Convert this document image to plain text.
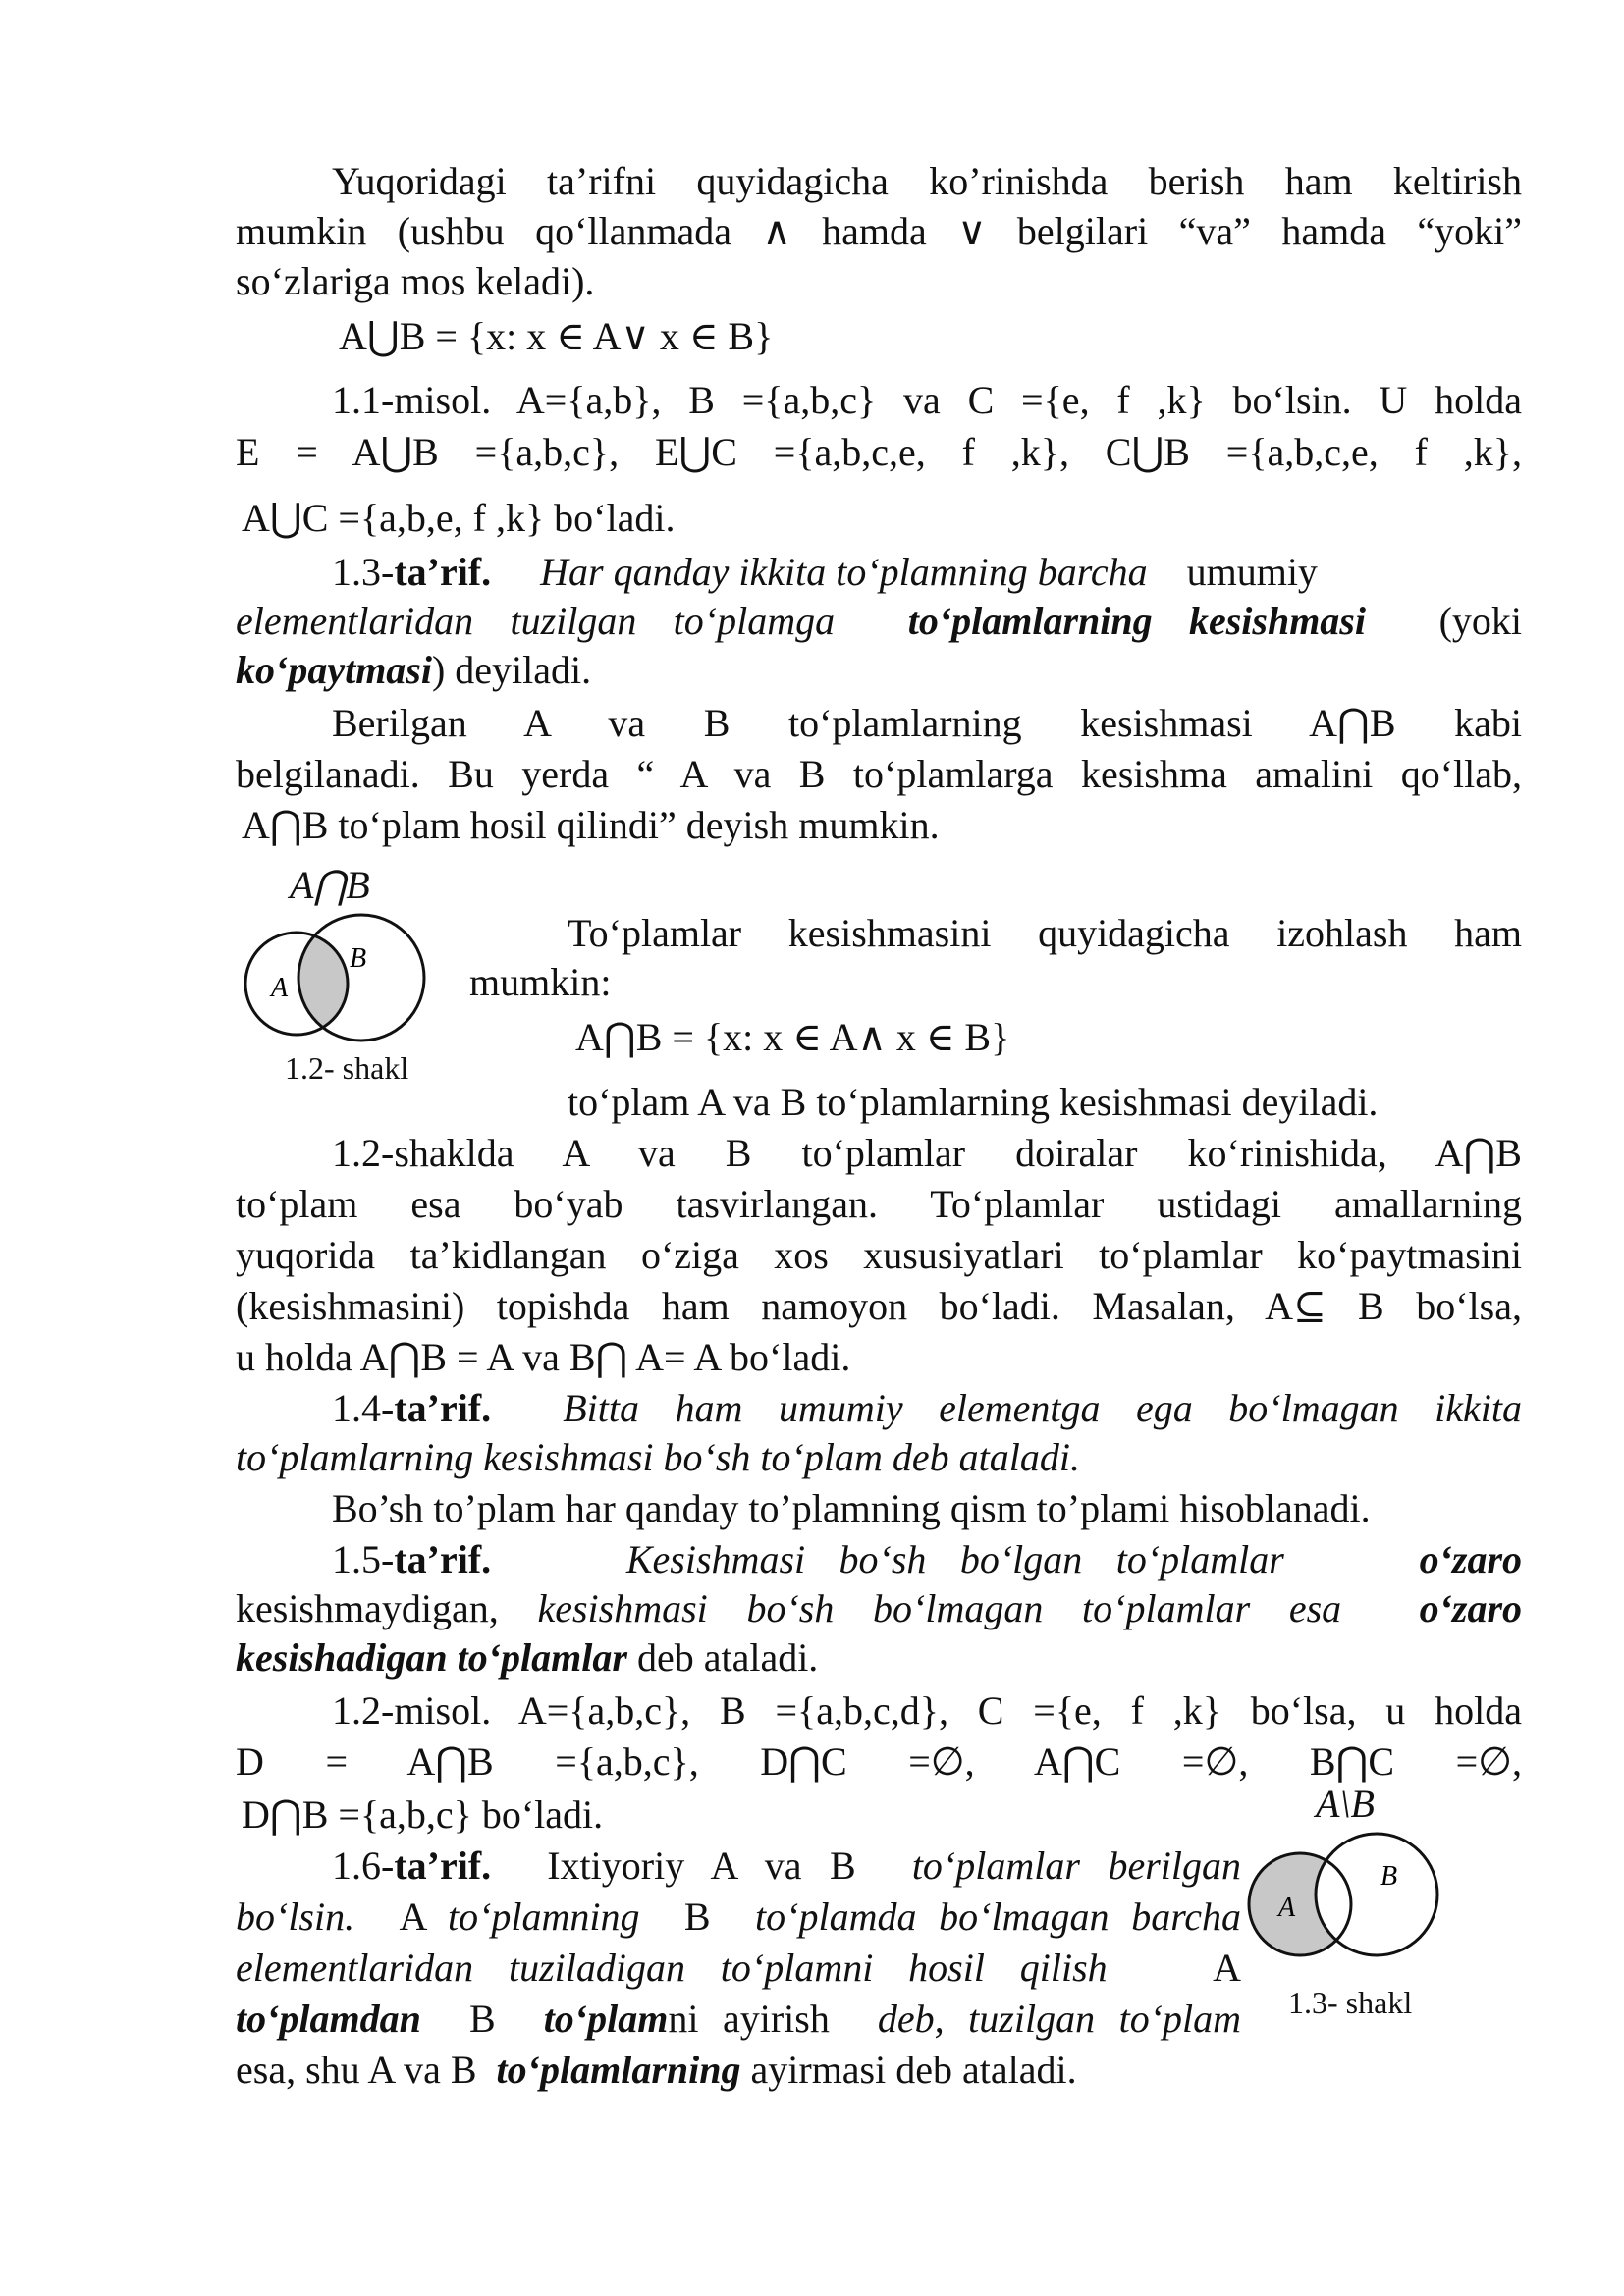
Yuqoridagi ta’rifni quyidagicha ko’rinishda berish ham keltirish
mumkin (ushbu qo‘llanmada ∧ hamda ∨ belgilari “va” hamda “yoki”
so‘zlariga mos keladi).
A⋃B = {x: x ∈ A∨ x ∈ B}
1.1-misol. A={a,b}, B ={a,b,c} va C ={e, f ,k} bo‘lsin. U holda
E = A⋃B ={a,b,c}, E⋃C ={a,b,c,e, f ,k}, C⋃B ={a,b,c,e, f ,k},
A⋃C ={a,b,e, f ,k} bo‘ladi.
1.3-ta’rif. Har qanday ikkita to‘plamning barcha umumiy
elementlaridan tuzilgan to‘plamga to‘plamlarning kesishmasi (yoki
ko‘paytmasi) deyiladi.
Berilgan A va B to‘plamlarning kesishmasi A⋂B kabi
belgilanadi. Bu yerda “ A va B to‘plamlarga kesishma amalini qo‘llab,
A⋂B to‘plam hosil qilindi” deyish mumkin.
A⋂B
A
B
1.2- shakl
To‘plamlar kesishmasini quyidagicha izohlash ham
mumkin:
A⋂B = {x: x ∈ A∧ x ∈ B}
to‘plam A va B to‘plamlarning kesishmasi deyiladi.
1.2-shaklda A va B to‘plamlar doiralar ko‘rinishida, A⋂B
to‘plam esa bo‘yab tasvirlangan. To‘plamlar ustidagi amallarning
yuqorida ta’kidlangan o‘ziga xos xususiyatlari to‘plamlar ko‘paytmasini
(kesishmasini) topishda ham namoyon bo‘ladi. Masalan, A⊆ B bo‘lsa,
u holda A⋂B = A va B⋂ A= A bo‘ladi.
1.4-ta’rif. Bitta ham umumiy elementga ega bo‘lmagan ikkita
to‘plamlarning kesishmasi bo‘sh to‘plam deb ataladi.
Bo’sh to’plam har qanday to’plamning qism to’plami hisoblanadi.
1.5-ta’rif.	Kesishmasi bo‘sh bo‘lgan to‘plamlar	o‘zaro
kesishmaydigan, kesishmasi bo‘sh bo‘lmagan to‘plamlar esa o‘zaro
kesishadigan to‘plamlar deb ataladi.
1.2-misol. A={a,b,c}, B ={a,b,c,d}, C ={e, f ,k} bo‘lsa, u holda
D = A⋂B ={a,b,c}, D⋂C =∅, A⋂C =∅, B⋂C =∅,
D⋂B ={a,b,c} bo‘ladi.	A\B
A
B
1.3- shakl
1.6-ta’rif. Ixtiyoriy A va B to‘plamlar berilgan
bo‘lsin. A to‘plamning B to‘plamda bo‘lmagan barcha
elementlaridan tuziladigan to‘plamni hosil qilish	A
to‘plamdan B to‘plamni ayirish deb, tuzilgan to‘plam
esa, shu A va B to‘plamlarning ayirmasi deb ataladi.
